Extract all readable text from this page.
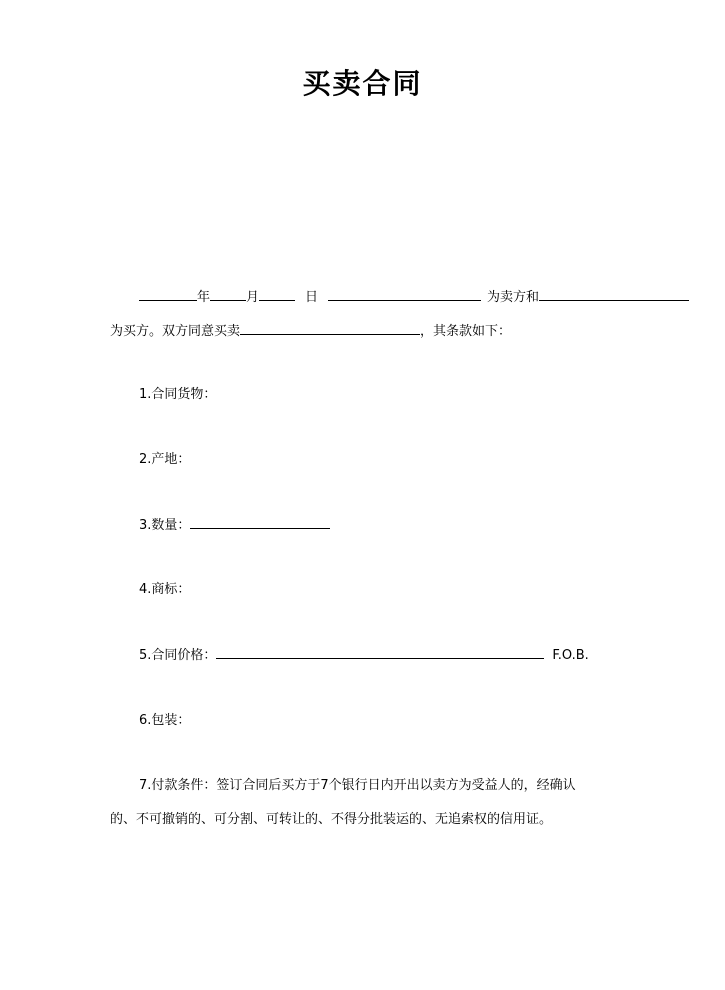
买卖合同
年	月	日	为卖方和
为买方。双方同意买卖	，其条款如下：
1.合同货物：
2.产地：
3.数量：
4.商标：
5.合同价格：	F.O.B.
6.包装：
7.付款条件：签订合同后买方于7个银行日内开出以卖方为受益人的，经确认
的、不可撤销的、可分割、可转让的、不得分批装运的、无追索权的信用证。
